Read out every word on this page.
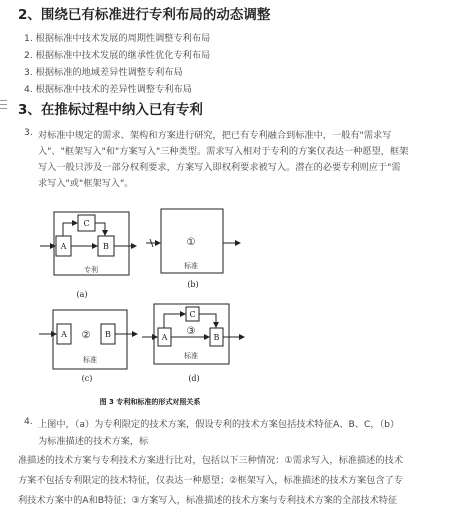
2、围绕已有标准进行专利布局的动态调整
1. 根据标准中技术发展的周期性调整专利布局
2. 根据标准中技术发展的继承性优化专利布局
3. 根据标准的地域差异性调整专利布局
4. 根据标准中技术的差异性调整专利布局
3、在推标过程中纳入已有专利
3. 对标准中规定的需求、架构和方案进行研究，把已有专利融合到标准中，一般有"需求写
入"、"框架写入"和"方案写入"三种类型。需求写入相对于专利的方案仅表达一种愿望，框架
写入一般只涉及一部分权利要求，方案写入即权利要求被写入。潜在的必要专利则应于"需
求写入"或"框架写入"。
C
A	B
专利
(a)
①
标准
(b)
A ② B
标准
(c)
C
A
③
B
标准
(d)
图 3 专利和标准的形式对照关系
4. 上图中，（a）为专利限定的技术方案，假设专利的技术方案包括技术特征A、B、C，（b）
为标准描述的技术方案，标
准描述的技术方案与专利技术方案进行比对，包括以下三种情况：①需求写入，标准描述的技术
方案不包括专利限定的技术特征，仅表达一种愿望；②框架写入，标准描述的技术方案包含了专
利技术方案中的A和B特征；③方案写入，标准描述的技术方案与专利技术方案的全部技术特征
